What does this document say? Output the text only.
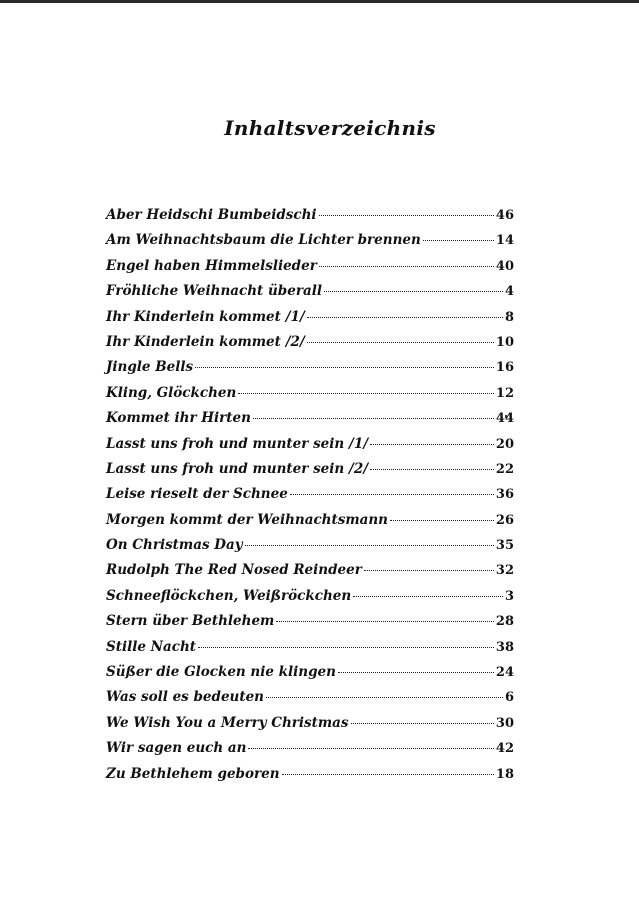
Inhaltsverzeichnis
Aber Heidschi Bumbeidschi	46
Am Weihnachtsbaum die Lichter brennen	14
Engel haben Himmelslieder	40
Fröhliche Weihnacht überall	4
Ihr Kinderlein kommet /1/	8
Ihr Kinderlein kommet /2/	10
Jingle Bells	16
Kling, Glöckchen	12
Kommet ihr Hirten	44
Lasst uns froh und munter sein /1/	20
Lasst uns froh und munter sein /2/	22
Leise rieselt der Schnee	36
Morgen kommt der Weihnachtsmann	26
On Christmas Day	35
Rudolph The Red Nosed Reindeer	32
Schneeflöckchen, Weißröckchen	3
Stern über Bethlehem	28
Stille Nacht	38
Süßer die Glocken nie klingen	24
Was soll es bedeuten	6
We Wish You a Merry Christmas	30
Wir sagen euch an	42
Zu Bethlehem geboren	18
